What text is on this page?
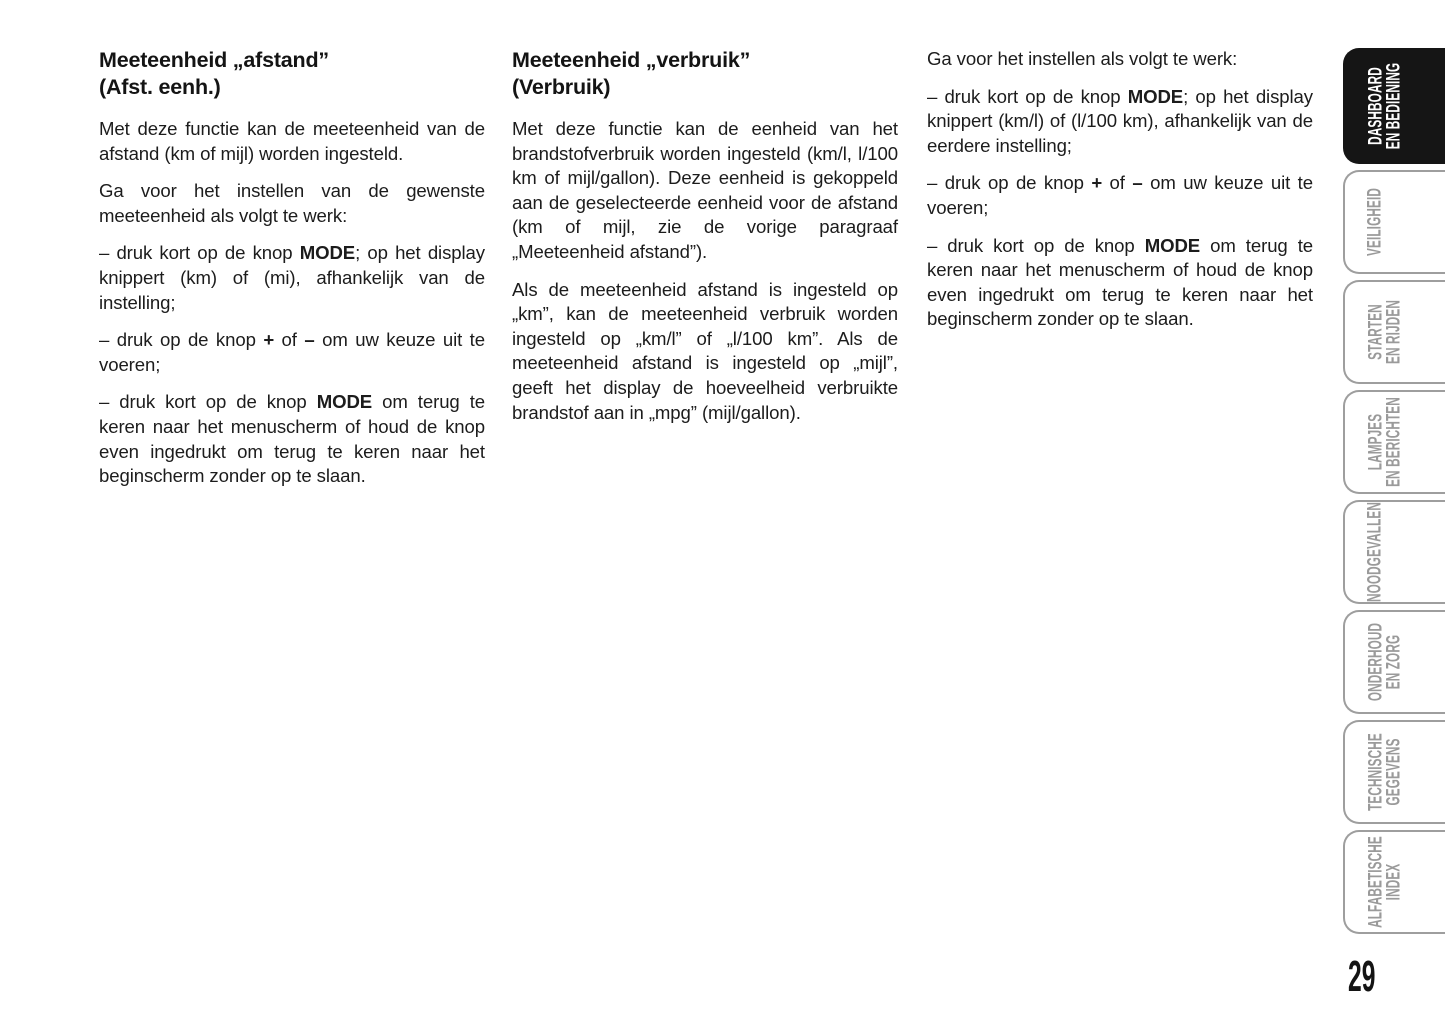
Meeteenheid „afstand”
(Afst. eenh.)

Met deze functie kan de meeteenheid van de afstand (km of mijl) worden ingesteld.

Ga voor het instellen van de gewenste meeteenheid als volgt te werk:

– druk kort op de knop MODE; op het display knippert (km) of (mi), afhankelijk van de instelling;

– druk op de knop + of – om uw keuze uit te voeren;

– druk kort op de knop MODE om terug te keren naar het menuscherm of houd de knop even ingedrukt om terug te keren naar het beginscherm zonder op te slaan.

Meeteenheid „verbruik”
(Verbruik)

Met deze functie kan de eenheid van het brandstofverbruik worden ingesteld (km/l, l/100 km of mijl/gallon). Deze eenheid is gekoppeld aan de geselecteerde eenheid voor de afstand (km of mijl, zie de vorige paragraaf „Meeteenheid afstand”).

Als de meeteenheid afstand is ingesteld op „km”, kan de meeteenheid verbruik worden ingesteld op „km/l” of „l/100 km”. Als de meeteenheid afstand is ingesteld op „mijl”, geeft het display de hoeveelheid verbruikte brandstof aan in „mpg” (mijl/gallon).

Ga voor het instellen als volgt te werk:

– druk kort op de knop MODE; op het display knippert (km/l) of (l/100 km), afhankelijk van de eerdere instelling;

– druk op de knop + of – om uw keuze uit te voeren;

– druk kort op de knop MODE om terug te keren naar het menuscherm of houd de knop even ingedrukt om terug te keren naar het beginscherm zonder op te slaan.

DASHBOARD
EN BEDIENING
VEILIGHEID
STARTEN
EN RIJDEN
LAMPJES
EN BERICHTEN
NOODGEVALLEN
ONDERHOUD
EN ZORG
TECHNISCHE
GEGEVENS
ALFABETISCHE
INDEX
29
